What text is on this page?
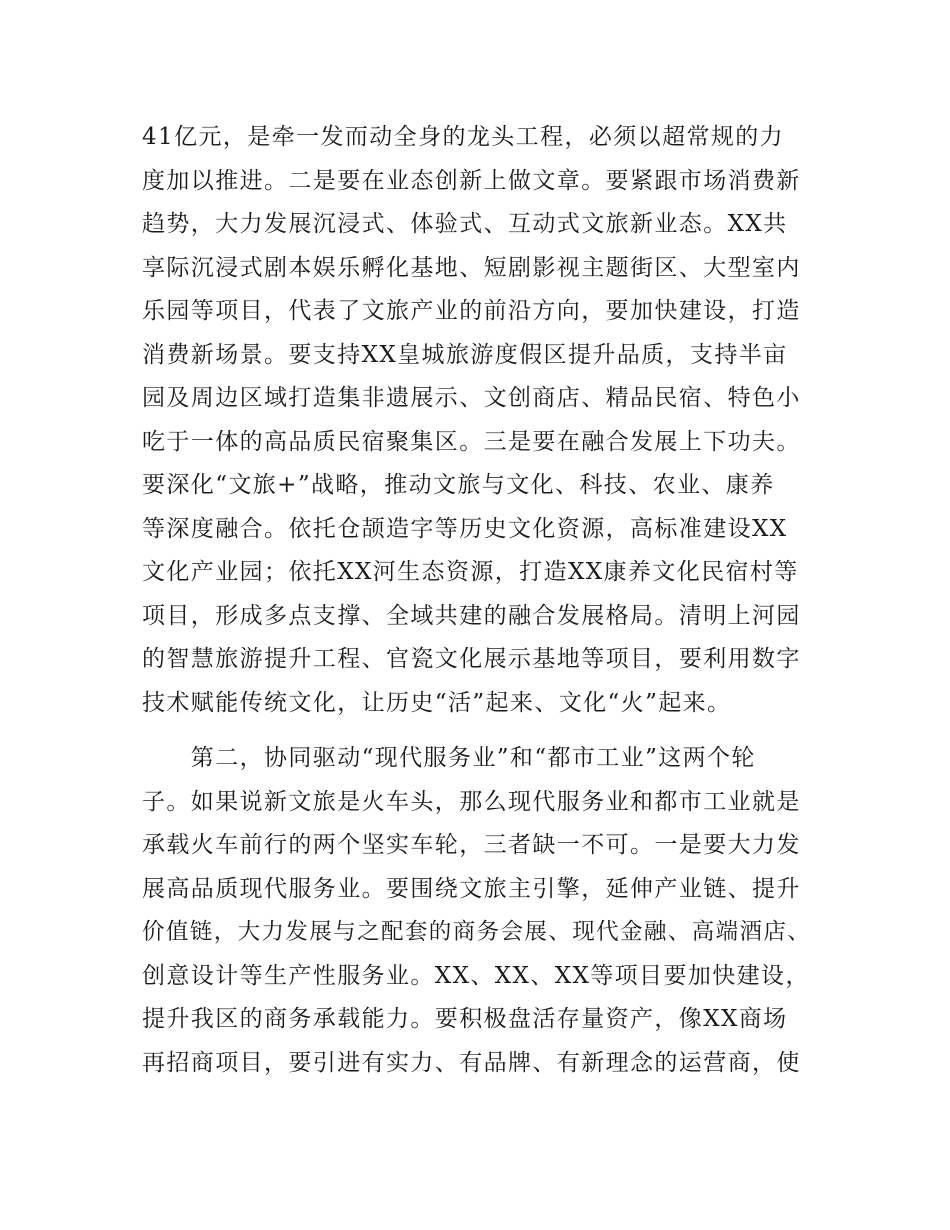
41亿元，是牵一发而动全身的龙头工程，必须以超常规的力
度加以推进。二是要在业态创新上做文章。要紧跟市场消费新
趋势，大力发展沉浸式、体验式、互动式文旅新业态。XX共
享际沉浸式剧本娱乐孵化基地、短剧影视主题街区、大型室内
乐园等项目，代表了文旅产业的前沿方向，要加快建设，打造
消费新场景。要支持XX皇城旅游度假区提升品质，支持半亩
园及周边区域打造集非遗展示、文创商店、精品民宿、特色小
吃于一体的高品质民宿聚集区。三是要在融合发展上下功夫。
要深化“文旅+”战略，推动文旅与文化、科技、农业、康养
等深度融合。依托仓颉造字等历史文化资源，高标准建设XX
文化产业园；依托XX河生态资源，打造XX康养文化民宿村等
项目，形成多点支撑、全域共建的融合发展格局。清明上河园
的智慧旅游提升工程、官瓷文化展示基地等项目，要利用数字
技术赋能传统文化，让历史“活”起来、文化“火”起来。
　　第二，协同驱动“现代服务业”和“都市工业”这两个轮
子。如果说新文旅是火车头，那么现代服务业和都市工业就是
承载火车前行的两个坚实车轮，三者缺一不可。一是要大力发
展高品质现代服务业。要围绕文旅主引擎，延伸产业链、提升
价值链，大力发展与之配套的商务会展、现代金融、高端酒店、
创意设计等生产性服务业。XX、XX、XX等项目要加快建设，
提升我区的商务承载能力。要积极盘活存量资产，像XX商场
再招商项目，要引进有实力、有品牌、有新理念的运营商，使
